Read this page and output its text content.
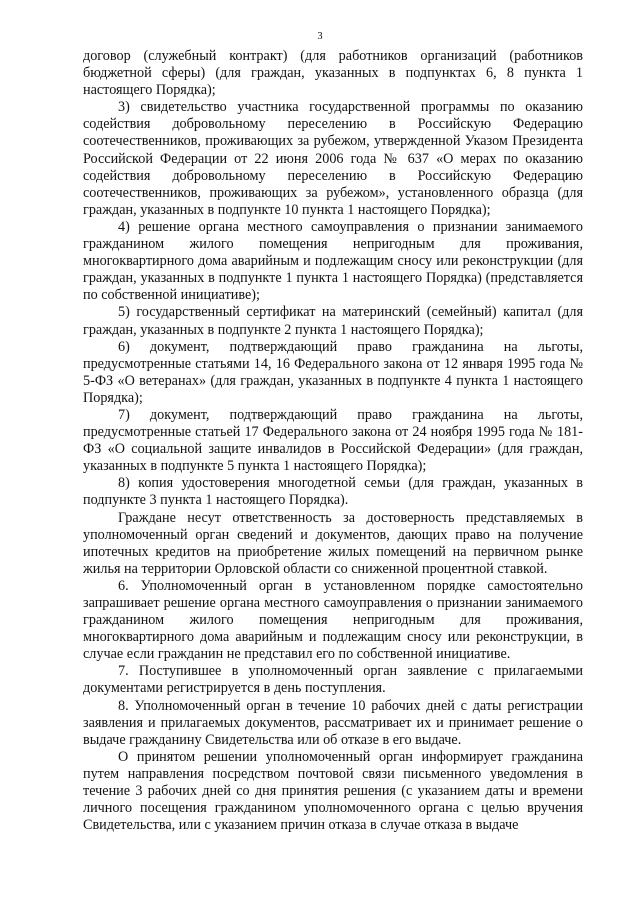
3

договор (служебный контракт) (для работников организаций (работников бюджетной сферы) (для граждан, указанных в подпунктах 6, 8 пункта 1 настоящего Порядка);

3) свидетельство участника государственной программы по оказанию содействия добровольному переселению в Российскую Федерацию соотечественников, проживающих за рубежом, утвержденной Указом Президента Российской Федерации от 22 июня 2006 года № 637 «О мерах по оказанию содействия добровольному переселению в Российскую Федерацию соотечественников, проживающих за рубежом», установленного образца (для граждан, указанных в подпункте 10 пункта 1 настоящего Порядка);

4) решение органа местного самоуправления о признании занимаемого гражданином жилого помещения непригодным для проживания, многоквартирного дома аварийным и подлежащим сносу или реконструкции (для граждан, указанных в подпункте 1 пункта 1 настоящего Порядка) (представляется по собственной инициативе);

5) государственный сертификат на материнский (семейный) капитал (для граждан, указанных в подпункте 2 пункта 1 настоящего Порядка);

6) документ, подтверждающий право гражданина на льготы, предусмотренные статьями 14, 16 Федерального закона от 12 января 1995 года № 5-ФЗ «О ветеранах» (для граждан, указанных в подпункте 4 пункта 1 настоящего Порядка);

7) документ, подтверждающий право гражданина на льготы, предусмотренные статьей 17 Федерального закона от 24 ноября 1995 года № 181-ФЗ «О социальной защите инвалидов в Российской Федерации» (для граждан, указанных в подпункте 5 пункта 1 настоящего Порядка);

8) копия удостоверения многодетной семьи (для граждан, указанных в подпункте 3 пункта 1 настоящего Порядка).

Граждане несут ответственность за достоверность представляемых в уполномоченный орган сведений и документов, дающих право на получение ипотечных кредитов на приобретение жилых помещений на первичном рынке жилья на территории Орловской области со сниженной процентной ставкой.

6. Уполномоченный орган в установленном порядке самостоятельно запрашивает решение органа местного самоуправления о признании занимаемого гражданином жилого помещения непригодным для проживания, многоквартирного дома аварийным и подлежащим сносу или реконструкции, в случае если гражданин не представил его по собственной инициативе.

7. Поступившее в уполномоченный орган заявление с прилагаемыми документами регистрируется в день поступления.

8. Уполномоченный орган в течение 10 рабочих дней с даты регистрации заявления и прилагаемых документов, рассматривает их и принимает решение о выдаче гражданину Свидетельства или об отказе в его выдаче.

О принятом решении уполномоченный орган информирует гражданина путем направления посредством почтовой связи письменного уведомления в течение 3 рабочих дней со дня принятия решения (с указанием даты и времени личного посещения гражданином уполномоченного органа с целью вручения Свидетельства, или с указанием причин отказа в случае отказа в выдаче
